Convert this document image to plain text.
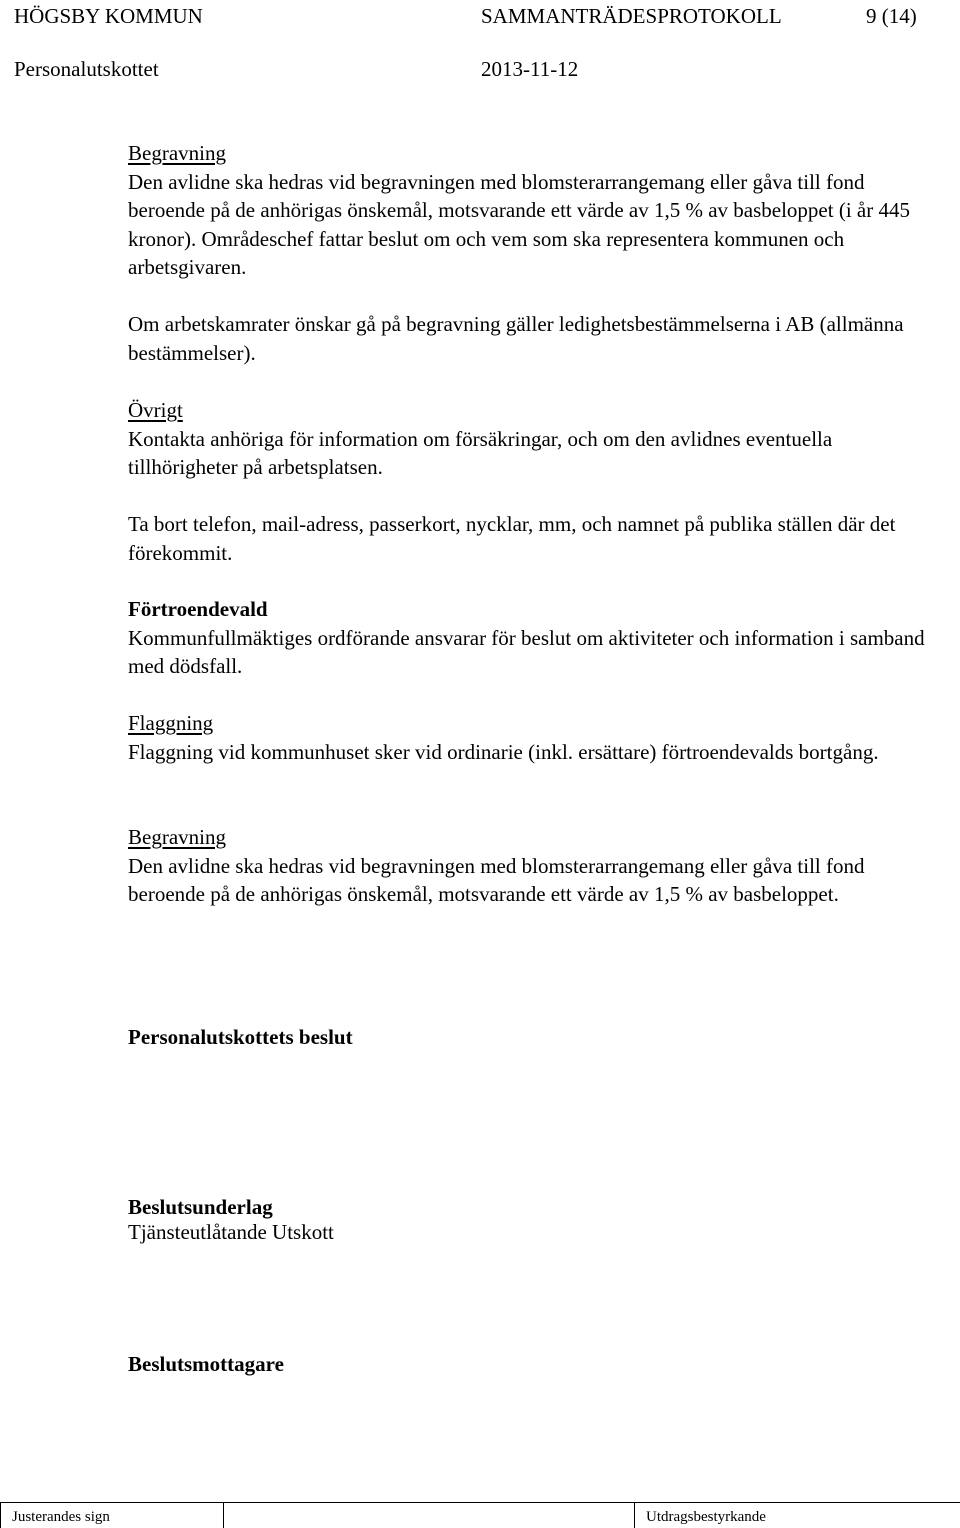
HÖGSBY KOMMUN	SAMMANTRÄDESPROTOKOLL	9 (14)
Personalutskottet	2013-11-12
Begravning
Den avlidne ska hedras vid begravningen med blomsterarrangemang eller gåva till fond beroende på de anhörigas önskemål, motsvarande ett värde av 1,5 % av basbeloppet (i år 445 kronor). Områdeschef fattar beslut om och vem som ska representera kommunen och arbetsgivaren.
Om arbetskamrater önskar gå på begravning gäller ledighetsbestämmelserna i AB (allmänna bestämmelser).
Övrigt
Kontakta anhöriga för information om försäkringar, och om den avlidnes eventuella tillhörigheter på arbetsplatsen.
Ta bort telefon, mail-adress, passerkort, nycklar, mm, och namnet på publika ställen där det förekommit.
Förtroendevald
Kommunfullmäktiges ordförande ansvarar för beslut om aktiviteter och information i samband med dödsfall.
Flaggning
Flaggning vid kommunhuset sker vid ordinarie (inkl. ersättare) förtroendevalds bortgång.
Begravning
Den avlidne ska hedras vid begravningen med blomsterarrangemang eller gåva till fond beroende på de anhörigas önskemål, motsvarande ett värde av 1,5 % av basbeloppet.
Personalutskottets beslut
Beslutsunderlag
Tjänsteutlåtande Utskott
Beslutsmottagare
Justerandes sign	Utdragsbestyrkande
